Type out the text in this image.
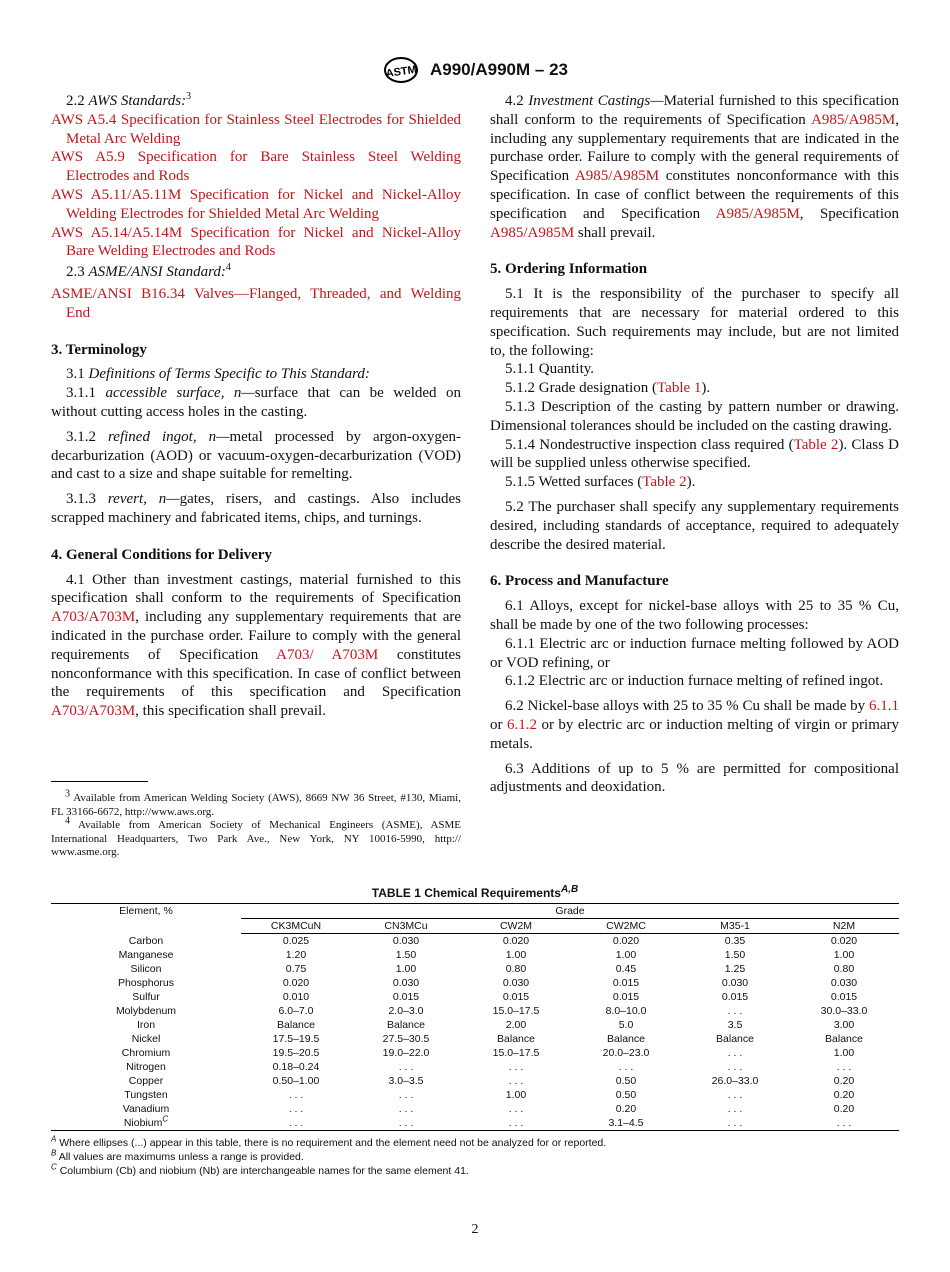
ASTM A990/A990M – 23

2.2 AWS Standards:$^3$

AWS A5.4 Specification for Stainless Steel Electrodes for Shielded Metal Arc Welding

AWS A5.9 Specification for Bare Stainless Steel Welding Electrodes and Rods

AWS A5.11/A5.11M Specification for Nickel and Nickel-Alloy Welding Electrodes for Shielded Metal Arc Welding

AWS A5.14/A5.14M Specification for Nickel and Nickel-Alloy Bare Welding Electrodes and Rods

2.3 ASME/ANSI Standard:$^4$

ASME/ANSI B16.34 Valves—Flanged, Threaded, and Welding End

3. Terminology

3.1 Definitions of Terms Specific to This Standard:

3.1.1 accessible surface, n—surface that can be welded on without cutting access holes in the casting.

3.1.2 refined ingot, n—metal processed by argon-oxygen-decarburization (AOD) or vacuum-oxygen-decarburization (VOD) and cast to a size and shape suitable for remelting.

3.1.3 revert, n—gates, risers, and castings. Also includes scrapped machinery and fabricated items, chips, and turnings.

4. General Conditions for Delivery

4.1 Other than investment castings, material furnished to this specification shall conform to the requirements of Specification A703/A703M, including any supplementary requirements that are indicated in the purchase order. Failure to comply with the general requirements of Specification A703/ A703M constitutes nonconformance with this specification. In case of conflict between the requirements of this specification and Specification A703/A703M, this specification shall prevail.

$^3$ Available from American Welding Society (AWS), 8669 NW 36 Street, #130, Miami, FL 33166-6672, http://www.aws.org.

$^4$ Available from American Society of Mechanical Engineers (ASME), ASME International Headquarters, Two Park Ave., New York, NY 10016-5990, http:// www.asme.org.

4.2 Investment Castings—Material furnished to this specification shall conform to the requirements of Specification A985/A985M, including any supplementary requirements that are indicated in the purchase order. Failure to comply with the general requirements of Specification A985/A985M constitutes nonconformance with this specification. In case of conflict between the requirements of this specification and Specification A985/A985M, Specification A985/A985M shall prevail.

5. Ordering Information

5.1 It is the responsibility of the purchaser to specify all requirements that are necessary for material ordered to this specification. Such requirements may include, but are not limited to, the following:

5.1.1 Quantity.

5.1.2 Grade designation (Table 1).

5.1.3 Description of the casting by pattern number or drawing. Dimensional tolerances should be included on the casting drawing.

5.1.4 Nondestructive inspection class required (Table 2). Class D will be supplied unless otherwise specified.

5.1.5 Wetted surfaces (Table 2).

5.2 The purchaser shall specify any supplementary requirements desired, including standards of acceptance, required to adequately describe the desired material.

6. Process and Manufacture

6.1 Alloys, except for nickel-base alloys with 25 to 35 % Cu, shall be made by one of the two following processes:

6.1.1 Electric arc or induction furnace melting followed by AOD or VOD refining, or

6.1.2 Electric arc or induction furnace melting of refined ingot.

6.2 Nickel-base alloys with 25 to 35 % Cu shall be made by 6.1.1 or 6.1.2 or by electric arc or induction melting of virgin or primary metals.

6.3 Additions of up to 5 % are permitted for compositional adjustments and deoxidation.

TABLE 1 Chemical Requirements$^{A,B}$
Element, %	Grade					
	CK3MCuN	CN3MCu	CW2M	CW2MC	M35-1	N2M
Carbon	0.025	0.030	0.020	0.020	0.35	0.020
Manganese	1.20	1.50	1.00	1.00	1.50	1.00
Silicon	0.75	1.00	0.80	0.45	1.25	0.80
Phosphorus	0.020	0.030	0.030	0.015	0.030	0.030
Sulfur	0.010	0.015	0.015	0.015	0.015	0.015
Molybdenum	6.0–7.0	2.0–3.0	15.0–17.5	8.0–10.0	. . .	30.0–33.0
Iron	Balance	Balance	2.00	5.0	3.5	3.00
Nickel	17.5–19.5	27.5–30.5	Balance	Balance	Balance	Balance
Chromium	19.5–20.5	19.0–22.0	15.0–17.5	20.0–23.0	. . .	1.00
Nitrogen	0.18–0.24	. . .	. . .	. . .	. . .	. . .
Copper	0.50–1.00	3.0–3.5	. . .	0.50	26.0–33.0	0.20
Tungsten	. . .	. . .	1.00	0.50	. . .	0.20
Vanadium	. . .	. . .	. . .	0.20	. . .	0.20
Niobium$^C$	. . .	. . .	. . .	3.1–4.5	. . .	. . .
$^A$ Where ellipses (...) appear in this table, there is no requirement and the element need not be analyzed for or reported.
$^B$ All values are maximums unless a range is provided.
$^C$ Columbium (Cb) and niobium (Nb) are interchangeable names for the same element 41.
2
